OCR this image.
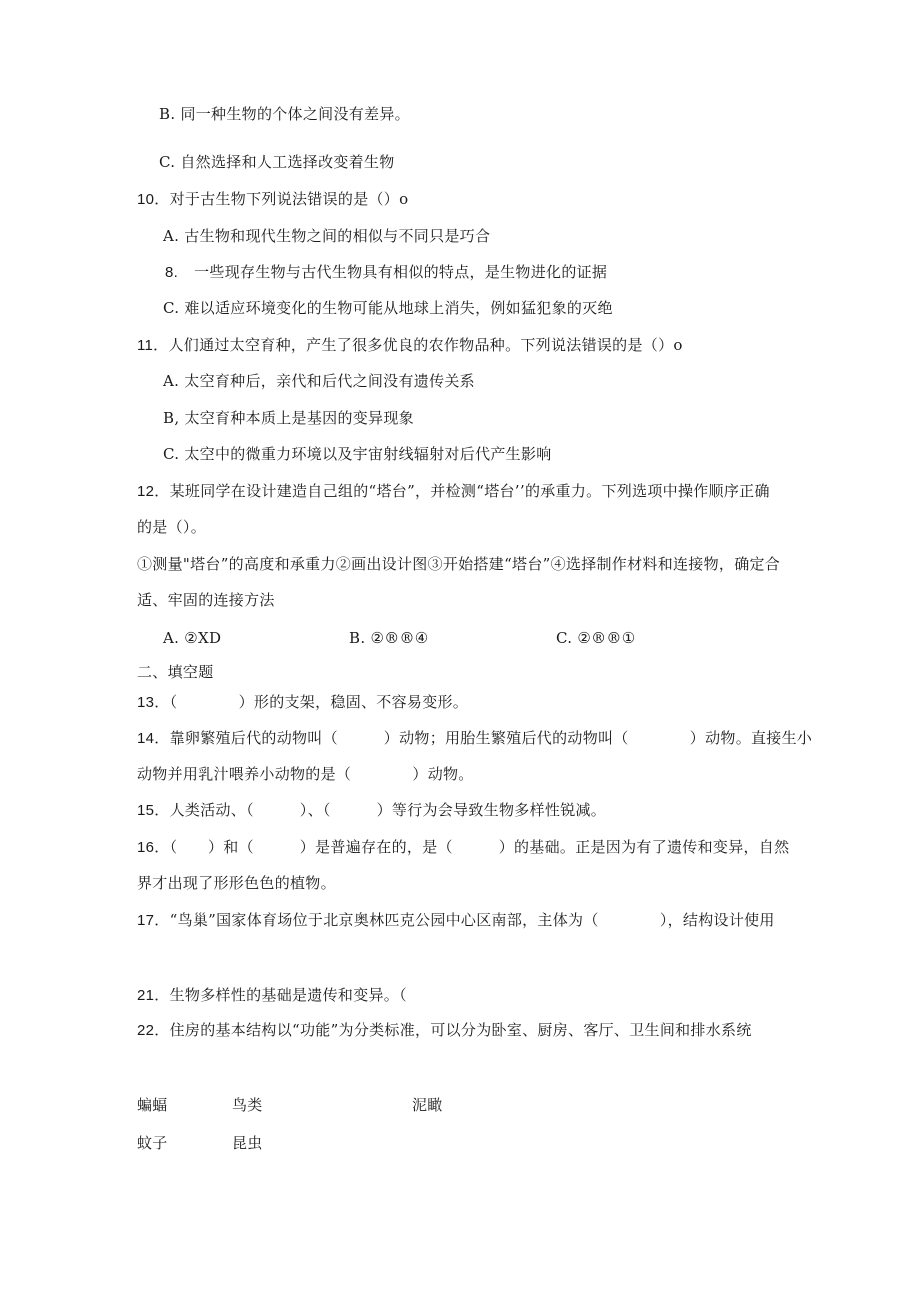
B. 同一种生物的个体之间没有差异。
C. 自然选择和人工选择改变着生物
10．对于古生物下列说法错误的是（）o
A. 古生物和现代生物之间的相似与不同只是巧合
8. 一些现存生物与古代生物具有相似的特点，是生物进化的证据
C. 难以适应环境变化的生物可能从地球上消失，例如猛犯象的灭绝
11．人们通过太空育种，产生了很多优良的农作物品种。下列说法错误的是（）o
A. 太空育种后，亲代和后代之间没有遗传关系
B, 太空育种本质上是基因的变异现象
C. 太空中的微重力环境以及宇宙射线辐射对后代产生影响
12．某班同学在设计建造自己组的“塔台”，并检测“塔台’’的承重力。下列选项中操作顺序正确
的是（）。
①测量"塔台”的高度和承重力②画出设计图③开始搭建“塔台”④选择制作材料和连接物，确定合
适、牢固的连接方法
A. ②XD	B. ②®®④	C. ②®®①
二、填空题
13．（　　　　）形的支架，稳固、不容易变形。
14．靠卵繁殖后代的动物叫（　　　）动物；用胎生繁殖后代的动物叫（　　　　）动物。直接生小
动物并用乳汁喂养小动物的是（　　　　）动物。
15．人类活动、（　　　）、（　　　）等行为会导致生物多样性锐减。
16．（　　）和（　　　）是普遍存在的，是（　　　）的基础。正是因为有了遗传和变异，自然
界才出现了形形色色的植物。
17．“鸟巢”国家体育场位于北京奥林匹克公园中心区南部，主体为（　　　　），结构设计使用
21．生物多样性的基础是遗传和变异。（
22．住房的基本结构以“功能”为分类标准，可以分为卧室、厨房、客厅、卫生间和排水系统
蝙蝠	鸟类	泥瞰
蚊子	昆虫
